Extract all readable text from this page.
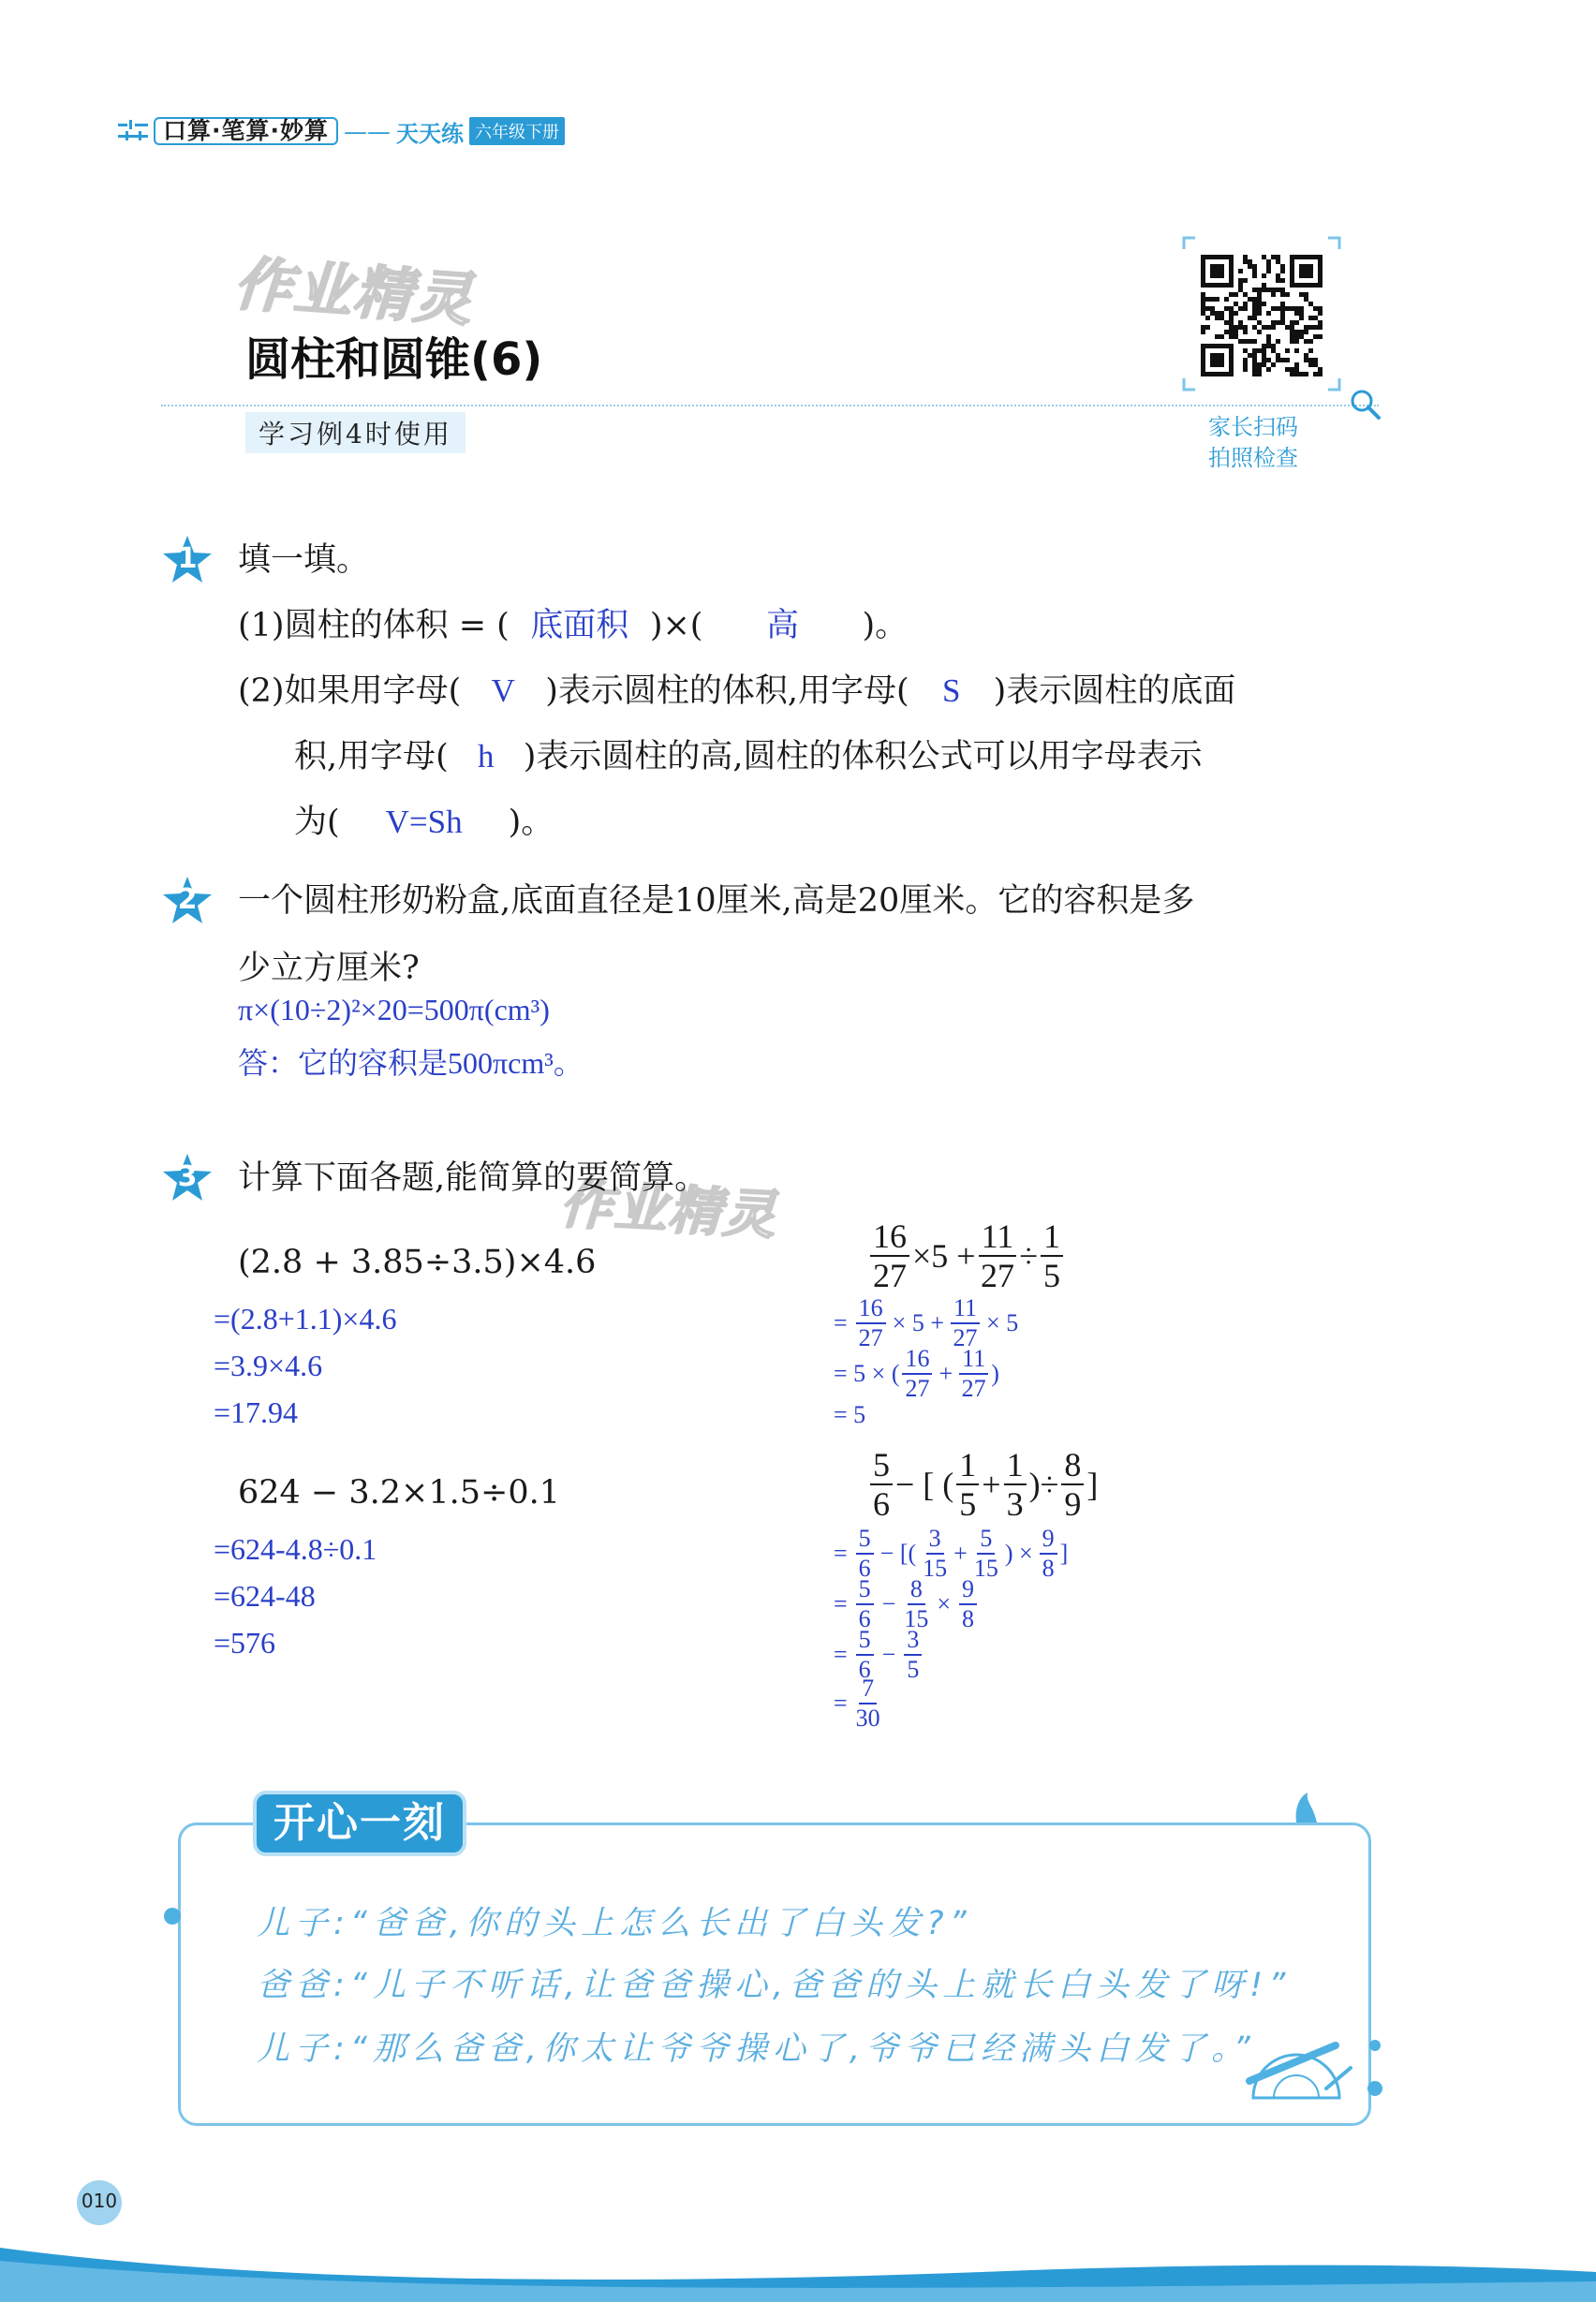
口算·笔算·妙算 —— 天天练 六年级下册
作业精灵
作业精灵
圆柱和圆锥(6)
学习例4时使用	家长扫码
拍照检查
1	填一填。
(1)圆柱的体积 = ( 底面积 )×( 高 )。
(2)如果用字母( V )表示圆柱的体积,用字母( S )表示圆柱的底面
积,用字母( h )表示圆柱的高,圆柱的体积公式可以用字母表示
为( V=Sh )。
2	一个圆柱形奶粉盒,底面直径是10厘米,高是20厘米。它的容积是多
少立方厘米?
π×(10÷2)²×20=500π(cm³)
答：它的容积是500πcm³。
3	计算下面各题,能简算的要简算。
(2.8 + 3.85÷3.5)×4.6
=(2.8+1.1)×4.6
=3.9×4.6
=17.94
624 − 3.2×1.5÷0.1
=624-4.8÷0.1
=624-48
=576
$\frac{16}{27} \times 5 + \frac{11}{27} \div \frac{1}{5}$
= $\frac{16}{27} \times 5 + \frac{11}{27} \times 5$
= 5 × ( $\frac{16}{27} + \frac{11}{27}$ )
= 5
$\frac{5}{6}$ − [ ( $\frac{1}{5} + \frac{1}{3}$ )÷ $\frac{8}{9}$ ]
= $\frac{5}{6}$ − [( $\frac{3}{15} + \frac{5}{15}$ ) × $\frac{9}{8}$ ]
= $\frac{5}{6} - \frac{8}{15} \times \frac{9}{8}$
= $\frac{5}{6} - \frac{3}{5}$
= $\frac{7}{30}$
开心一刻
儿子:“爸爸,你的头上怎么长出了白头发?”
爸爸:“儿子不听话,让爸爸操心,爸爸的头上就长白头发了呀!”
儿子:“那么爸爸,你太让爷爷操心了,爷爷已经满头白发了。”
010
